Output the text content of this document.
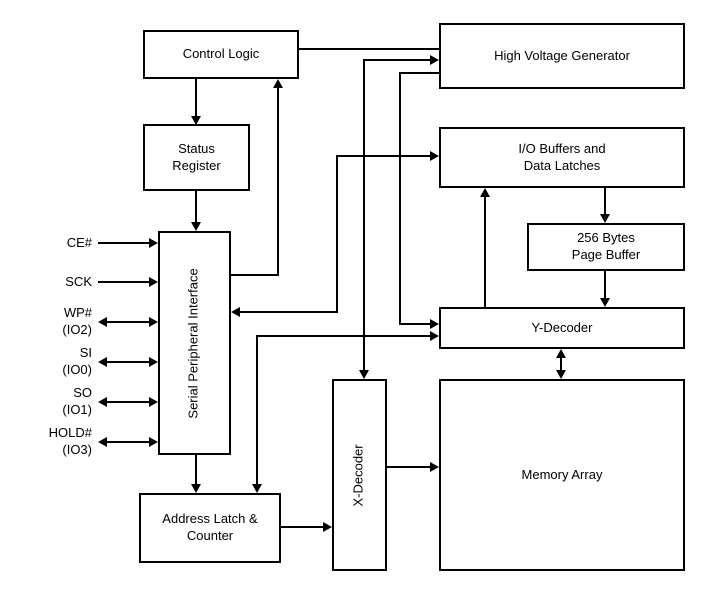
Control Logic
Status
Register
Serial Peripheral Interface
Address Latch &
Counter
High Voltage Generator
I/O Buffers and
Data Latches
256 Bytes
Page Buffer
Y-Decoder
X-Decoder	Memory Array
CE#
SCK
WP#
(IO2)
SI
(IO0)
SO
(IO1)
HOLD#
(IO3)
